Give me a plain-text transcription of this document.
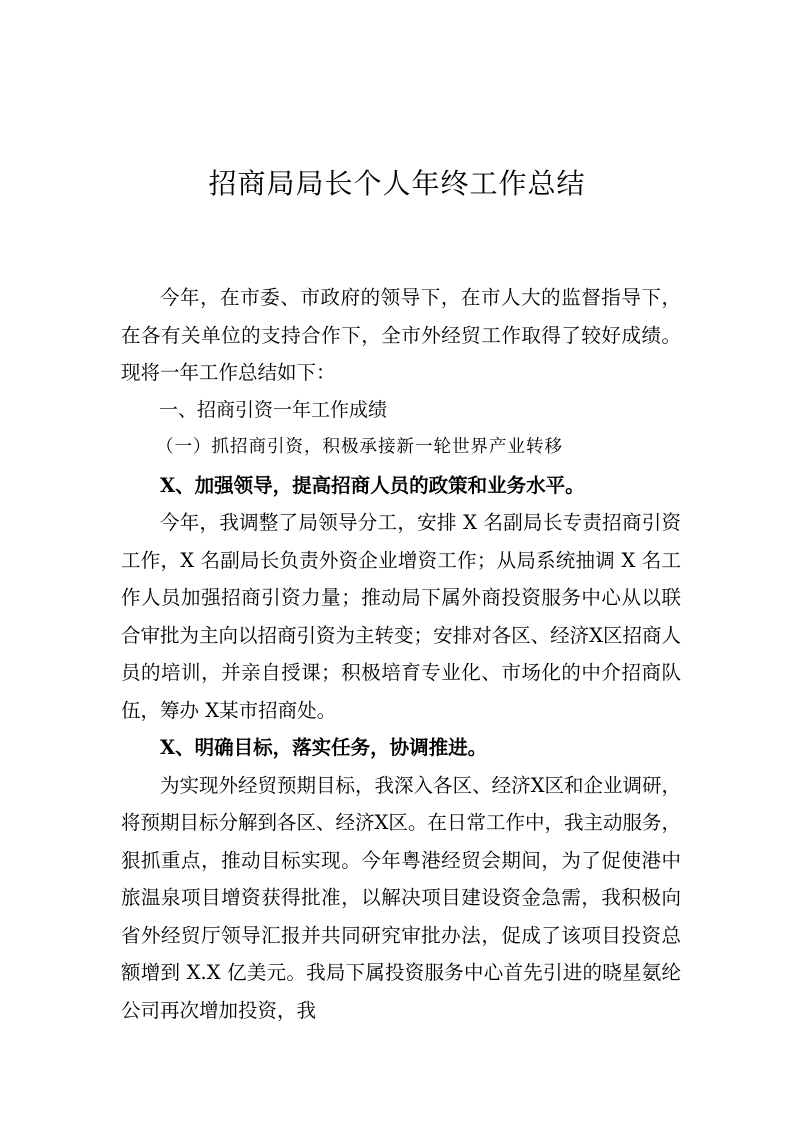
招商局局长个人年终工作总结

今年，在市委、市政府的领导下，在市人大的监督指导下，在各有关单位的支持合作下，全市外经贸工作取得了较好成绩。现将一年工作总结如下：

一、招商引资一年工作成绩

（一）抓招商引资，积极承接新一轮世界产业转移

X、加强领导，提高招商人员的政策和业务水平。

今年，我调整了局领导分工，安排 X 名副局长专责招商引资工作，X 名副局长负责外资企业增资工作；从局系统抽调 X 名工作人员加强招商引资力量；推动局下属外商投资服务中心从以联合审批为主向以招商引资为主转变；安排对各区、经济X区招商人员的培训，并亲自授课；积极培育专业化、市场化的中介招商队伍，筹办 X某市招商处。

X、明确目标，落实任务，协调推进。

为实现外经贸预期目标，我深入各区、经济X区和企业调研，将预期目标分解到各区、经济X区。在日常工作中，我主动服务，狠抓重点，推动目标实现。今年粤港经贸会期间，为了促使港中旅温泉项目增资获得批准，以解决项目建设资金急需，我积极向省外经贸厅领导汇报并共同研究审批办法，促成了该项目投资总额增到 X.X 亿美元。我局下属投资服务中心首先引进的晓星氨纶公司再次增加投资，我
